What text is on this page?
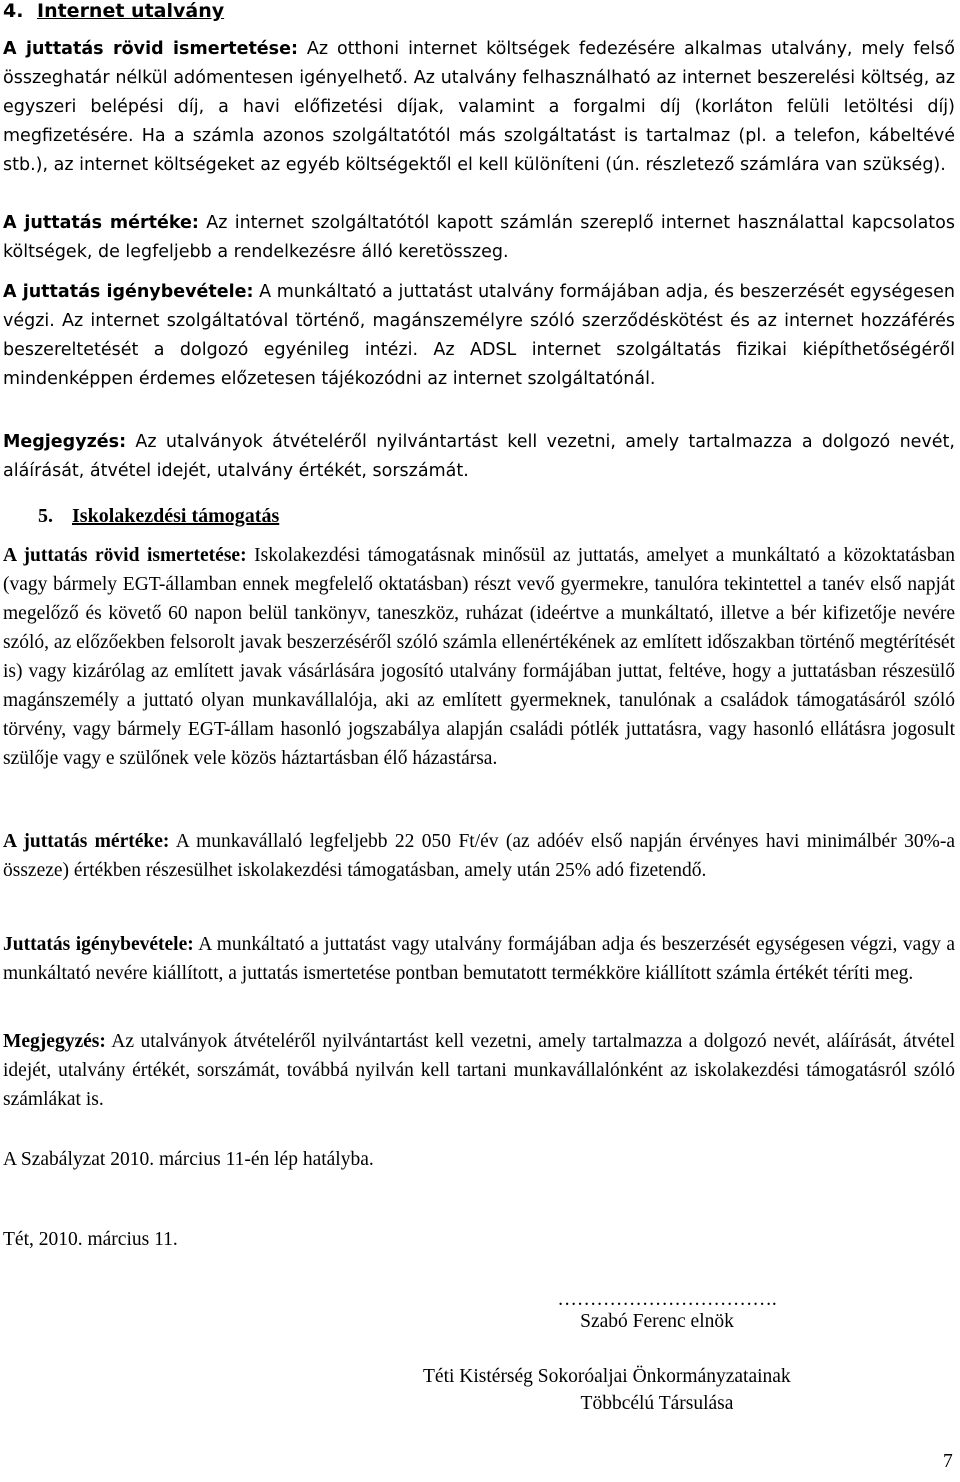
4. Internet utalvány

A juttatás rövid ismertetése: Az otthoni internet költségek fedezésére alkalmas utalvány, mely felső összeghatár nélkül adómentesen igényelhető. Az utalvány felhasználható az internet beszerelési költség, az egyszeri belépési díj, a havi előfizetési díjak, valamint a forgalmi díj (korláton felüli letöltési díj) megfizetésére. Ha a számla azonos szolgáltatótól más szolgáltatást is tartalmaz (pl. a telefon, kábeltévé stb.), az internet költségeket az egyéb költségektől el kell különíteni (ún. részletező számlára van szükség).

A juttatás mértéke: Az internet szolgáltatótól kapott számlán szereplő internet használattal kapcsolatos költségek, de legfeljebb a rendelkezésre álló keretösszeg.

A juttatás igénybevétele: A munkáltató a juttatást utalvány formájában adja, és beszerzését egységesen végzi. Az internet szolgáltatóval történő, magánszemélyre szóló szerződéskötést és az internet hozzáférés beszereltetését a dolgozó egyénileg intézi. Az ADSL internet szolgáltatás fizikai kiépíthetőségéről mindenképpen érdemes előzetesen tájékozódni az internet szolgáltatónál.

Megjegyzés: Az utalványok átvételéről nyilvántartást kell vezetni, amely tartalmazza a dolgozó nevét, aláírását, átvétel idejét, utalvány értékét, sorszámát.

5. Iskolakezdési támogatás

A juttatás rövid ismertetése: Iskolakezdési támogatásnak minősül az juttatás, amelyet a munkáltató a közoktatásban (vagy bármely EGT-államban ennek megfelelő oktatásban) részt vevő gyermekre, tanulóra tekintettel a tanév első napját megelőző és követő 60 napon belül tankönyv, taneszköz, ruházat (ideértve a munkáltató, illetve a bér kifizetője nevére szóló, az előzőekben felsorolt javak beszerzéséről szóló számla ellenértékének az említett időszakban történő megtérítését is) vagy kizárólag az említett javak vásárlására jogosító utalvány formájában juttat, feltéve, hogy a juttatásban részesülő magánszemély a juttató olyan munkavállalója, aki az említett gyermeknek, tanulónak a családok támogatásáról szóló törvény, vagy bármely EGT-állam hasonló jogszabálya alapján családi pótlék juttatásra, vagy hasonló ellátásra jogosult szülője vagy e szülőnek vele közös háztartásban élő házastársa.

A juttatás mértéke: A munkavállaló legfeljebb 22 050 Ft/év (az adóév első napján érvényes havi minimálbér 30%-a összeze) értékben részesülhet iskolakezdési támogatásban, amely után 25% adó fizetendő.

Juttatás igénybevétele: A munkáltató a juttatást vagy utalvány formájában adja és beszerzését egységesen végzi, vagy a munkáltató nevére kiállított, a juttatás ismertetése pontban bemutatott termékköre kiállított számla értékét téríti meg.

Megjegyzés: Az utalványok átvételéről nyilvántartást kell vezetni, amely tartalmazza a dolgozó nevét, aláírását, átvétel idejét, utalvány értékét, sorszámát, továbbá nyilván kell tartani munkavállalónként az iskolakezdési támogatásról szóló számlákat is.

A Szabályzat 2010. március 11-én lép hatályba.

Tét, 2010. március 11.

…………………………….

Szabó Ferenc elnök

Téti Kistérség Sokoróaljai Önkormányzatainak

Többcélú Társulása

7
